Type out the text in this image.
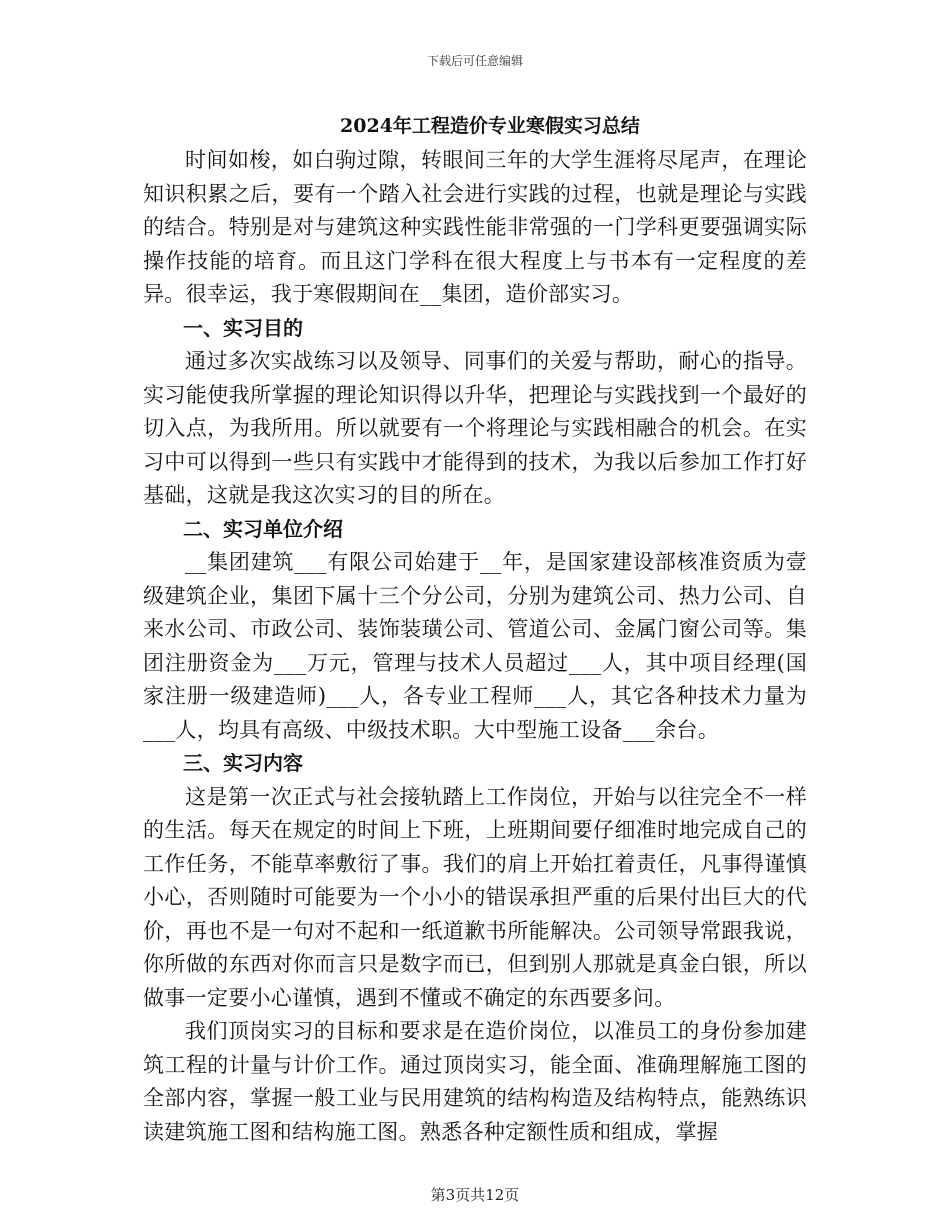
下载后可任意编辑
2024年工程造价专业寒假实习总结

时间如梭，如白驹过隙，转眼间三年的大学生涯将尽尾声，在理论知识积累之后，要有一个踏入社会进行实践的过程，也就是理论与实践的结合。特别是对与建筑这种实践性能非常强的一门学科更要强调实际操作技能的培育。而且这门学科在很大程度上与书本有一定程度的差异。很幸运，我于寒假期间在__集团，造价部实习。

一、实习目的

通过多次实战练习以及领导、同事们的关爱与帮助，耐心的指导。实习能使我所掌握的理论知识得以升华，把理论与实践找到一个最好的切入点，为我所用。所以就要有一个将理论与实践相融合的机会。在实习中可以得到一些只有实践中才能得到的技术，为我以后参加工作打好基础，这就是我这次实习的目的所在。

二、实习单位介绍

__集团建筑___有限公司始建于__年，是国家建设部核准资质为壹级建筑企业，集团下属十三个分公司，分别为建筑公司、热力公司、自来水公司、市政公司、装饰装璜公司、管道公司、金属门窗公司等。集团注册资金为___万元，管理与技术人员超过___人，其中项目经理(国家注册一级建造师)___人，各专业工程师___人，其它各种技术力量为___人，均具有高级、中级技术职。大中型施工设备___余台。

三、实习内容

这是第一次正式与社会接轨踏上工作岗位，开始与以往完全不一样的生活。每天在规定的时间上下班，上班期间要仔细准时地完成自己的工作任务，不能草率敷衍了事。我们的肩上开始扛着责任，凡事得谨慎小心，否则随时可能要为一个小小的错误承担严重的后果付出巨大的代价，再也不是一句对不起和一纸道歉书所能解决。公司领导常跟我说，你所做的东西对你而言只是数字而已，但到别人那就是真金白银，所以做事一定要小心谨慎，遇到不懂或不确定的东西要多问。

我们顶岗实习的目标和要求是在造价岗位，以准员工的身份参加建筑工程的计量与计价工作。通过顶岗实习，能全面、准确理解施工图的全部内容，掌握一般工业与民用建筑的结构构造及结构特点，能熟练识读建筑施工图和结构施工图。熟悉各种定额性质和组成，掌握

第3页共12页
